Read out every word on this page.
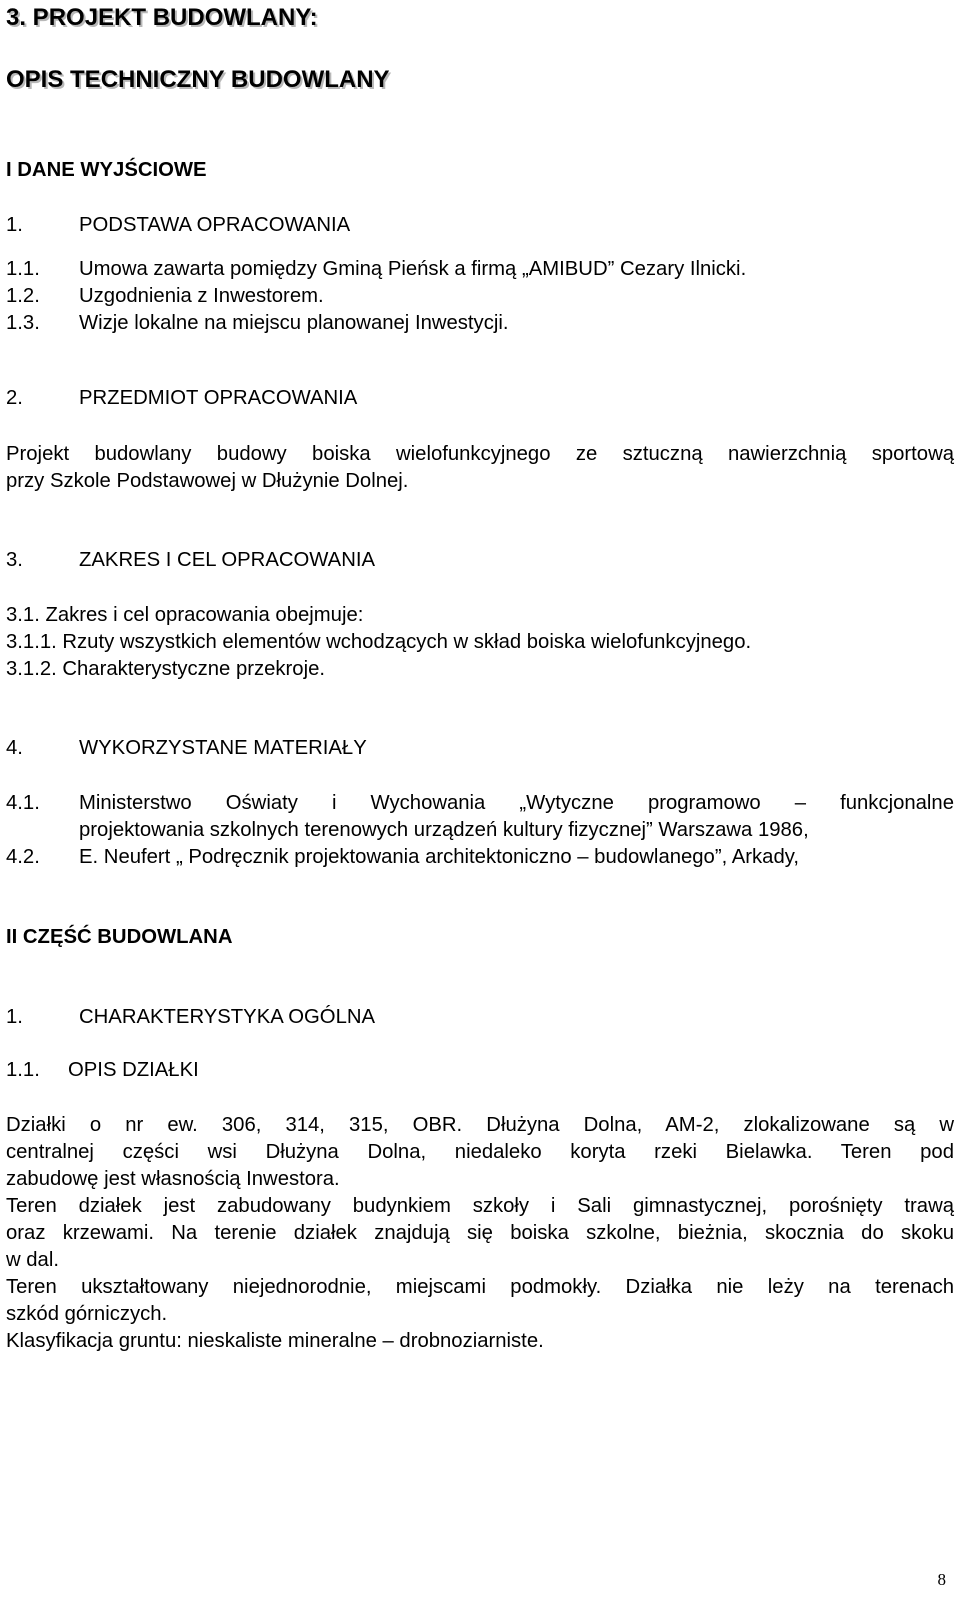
3. PROJEKT BUDOWLANY:

OPIS TECHNICZNY BUDOWLANY

I DANE WYJŚCIOWE

1.	PODSTAWA OPRACOWANIA

1.1. Umowa zawarta pomiędzy Gminą Pieńsk a firmą „AMIBUD” Cezary Ilnicki.

1.2. Uzgodnienia z Inwestorem.

1.3. Wizje lokalne na miejscu planowanej Inwestycji.

2.	PRZEDMIOT OPRACOWANIA

Projekt budowlany budowy boiska wielofunkcyjnego ze sztuczną nawierzchnią sportową

przy Szkole Podstawowej w Dłużynie Dolnej.

3.	ZAKRES I CEL OPRACOWANIA

3.1. Zakres i cel opracowania obejmuje:

3.1.1. Rzuty wszystkich elementów wchodzących w skład boiska wielofunkcyjnego.

3.1.2. Charakterystyczne przekroje.

4.	WYKORZYSTANE MATERIAŁY

4.1. Ministerstwo Oświaty i Wychowania „Wytyczne programowo – funkcjonalne

projektowania szkolnych terenowych urządzeń kultury fizycznej” Warszawa 1986,

4.2. E. Neufert „ Podręcznik projektowania architektoniczno – budowlanego”, Arkady,

II CZĘŚĆ BUDOWLANA

1.	CHARAKTERYSTYKA OGÓLNA

1.1. OPIS DZIAŁKI

Działki o nr ew. 306, 314, 315, OBR. Dłużyna Dolna, AM-2, zlokalizowane są w

centralnej części wsi Dłużyna Dolna, niedaleko koryta rzeki Bielawka. Teren pod

zabudowę jest własnością Inwestora.

Teren działek jest zabudowany budynkiem szkoły i Sali gimnastycznej, porośnięty trawą

oraz krzewami. Na terenie działek znajdują się boiska szkolne, bieżnia, skocznia do skoku

w dal.

Teren ukształtowany niejednorodnie, miejscami podmokły. Działka nie leży na terenach

szkód górniczych.

Klasyfikacja gruntu: nieskaliste mineralne – drobnoziarniste.

8
